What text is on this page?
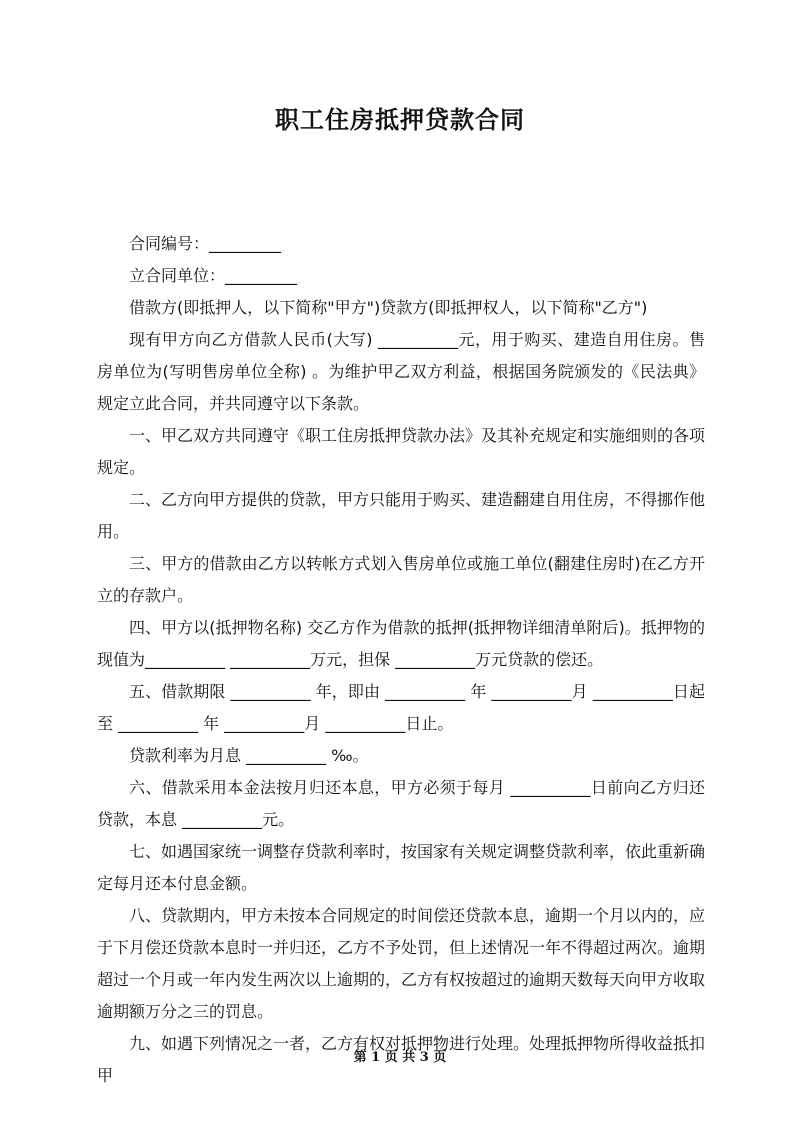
职工住房抵押贷款合同

合同编号：_________

立合同单位：_________

借款方(即抵押人，以下简称"甲方")贷款方(即抵押权人，以下简称"乙方")

现有甲方向乙方借款人民币(大写) __________元，用于购买、建造自用住房。售房单位为(写明售房单位全称) 。为维护甲乙双方利益，根据国务院颁发的《民法典》规定立此合同，并共同遵守以下条款。

一、甲乙双方共同遵守《职工住房抵押贷款办法》及其补充规定和实施细则的各项规定。

二、乙方向甲方提供的贷款，甲方只能用于购买、建造翻建自用住房，不得挪作他用。

三、甲方的借款由乙方以转帐方式划入售房单位或施工单位(翻建住房时)在乙方开立的存款户。

四、甲方以(抵押物名称) 交乙方作为借款的抵押(抵押物详细清单附后)。抵押物的现值为__________ __________万元，担保 __________万元贷款的偿还。

五、借款期限 __________ 年，即由 __________ 年 __________月 __________日起至 __________ 年 __________月 __________日止。

贷款利率为月息 __________ ‰。

六、借款采用本金法按月归还本息，甲方必须于每月 __________日前向乙方归还贷款，本息 __________元。

七、如遇国家统一调整存贷款利率时，按国家有关规定调整贷款利率，依此重新确定每月还本付息金额。

八、贷款期内，甲方未按本合同规定的时间偿还贷款本息，逾期一个月以内的，应于下月偿还贷款本息时一并归还，乙方不予处罚，但上述情况一年不得超过两次。逾期超过一个月或一年内发生两次以上逾期的，乙方有权按超过的逾期天数每天向甲方收取逾期额万分之三的罚息。

九、如遇下列情况之一者，乙方有权对抵押物进行处理。处理抵押物所得收益抵扣甲

第 1 页 共 3 页
